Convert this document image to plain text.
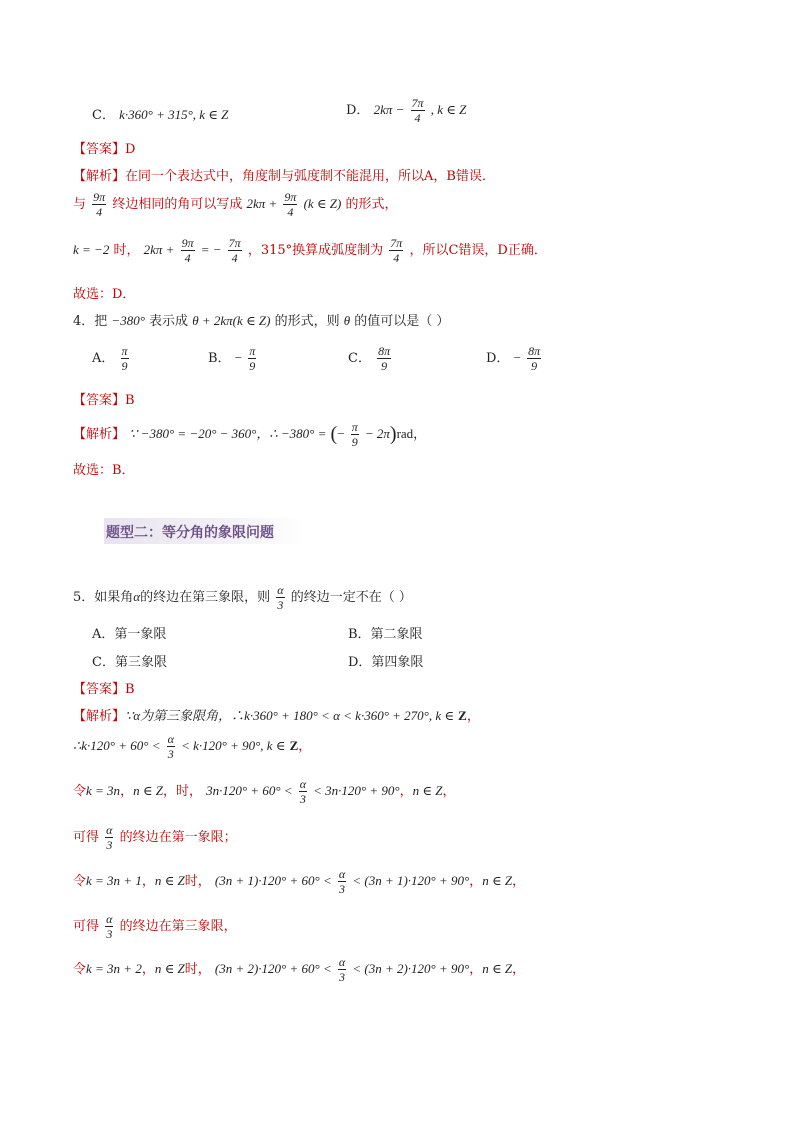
C． k·360° + 315°, k ∈ Z	D． $2k\pi - \frac{7\pi}{4}$ , k ∈ Z
【答案】D
【解析】在同一个表达式中，角度制与弧度制不能混用，所以A，B错误．
与 $\frac{9\pi}{4}$ 终边相同的角可以写成 $2k\pi + \frac{9\pi}{4} (k$ ∈ Z) 的形式，
k = −2 时， $2k\pi + \frac{9\pi}{4}$ = − $\frac{7\pi}{4}$ ，315°换算成弧度制为 $\frac{7\pi}{4}$ ，所以C错误，D正确．
故选：D．
4．把 −380° 表示成 θ + 2kπ(k ∈ Z) 的形式，则 θ 的值可以是（ ）
A． $\frac{\pi}{9}$	B． − $\frac{\pi}{9}$	C． $\frac{8\pi}{9}$	D． − $\frac{8\pi}{9}$
【答案】B
【解析】 ∵ −380° = −20° − 360°，∴ −380° = (− $\frac{\pi}{9} - 2\pi)rad$，
故选：B．
题型二：等分角的象限问题
5．如果角α的终边在第三象限，则 $\frac{\alpha}{3}$ 的终边一定不在（ ）
A．第一象限	B．第二象限
C．第三象限	D．第四象限
【答案】B
【解析】∵α为第三象限角，∴k·360° + 180° < α < k·360° + 270°, k ∈ Z，
∴k·120° + $60^\circ < \frac{\alpha}{3} < k\cdot 120^\circ + 90^\circ$, k ∈ Z，
令k = 3n，n ∈ Z，时， $3n\cdot 120^\circ + 60^\circ < \frac{\alpha}{3} < 3n\cdot 120^\circ + 90^\circ$，n ∈ Z，
可得 $\frac{\alpha}{3}$ 的终边在第一象限；
令k = 3n + 1，n ∈ Z时， $(3n + 1)\cdot 120^\circ + 60^\circ < \frac{\alpha}{3} < (3n + 1)\cdot 120^\circ + 90^\circ$，n ∈ Z，
可得 $\frac{\alpha}{3}$ 的终边在第三象限，
令k = 3n + 2，n ∈ Z时， $(3n + 2)\cdot 120^\circ + 60^\circ < \frac{\alpha}{3} < (3n + 2)\cdot 120^\circ + 90^\circ$，n ∈ Z，
